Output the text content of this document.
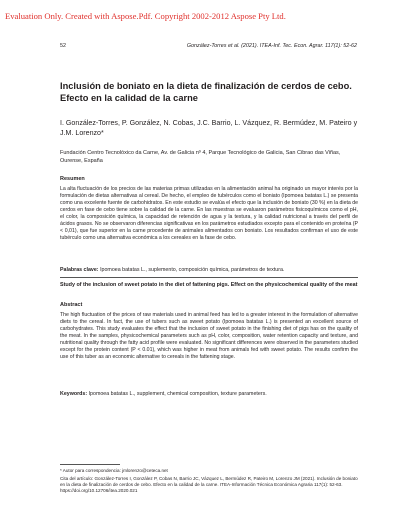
Evaluation Only. Created with Aspose.Pdf. Copyright 2002-2012 Aspose Pty Ltd.
52	González-Torres et al. (2021). ITEA-Inf. Tec. Econ. Agrar. 117(1): 52-62
Inclusión de boniato en la dieta de finalización de cerdos de cebo. Efecto en la calidad de la carne

I. González-Torres, P. González, N. Cobas, J.C. Barrio, L. Vázquez, R. Bermúdez, M. Pateiro y J.M. Lorenzo*

Fundación Centro Tecnolóxico da Carne, Av. de Galicia nº 4, Parque Tecnológico de Galicia, San Cibrao das Viñas, Ourense, España

Resumen

La alta fluctuación de los precios de las materias primas utilizadas en la alimentación animal ha originado un mayor interés por la formulación de dietas alternativas al cereal. De hecho, el empleo de tubérculos como el boniato (Ipomoea batatas L.) se presenta como una excelente fuente de carbohidratos. En este estudio se evalúa el efecto que la inclusión de boniato (30 %) en la dieta de cerdos en fase de cebo tiene sobre la calidad de la carne. En las muestras se evaluaron parámetros fisicoquímicos como el pH, el color, la composición química, la capacidad de retención de agua y la textura, y la calidad nutricional a través del perfil de ácidos grasos. No se observaron diferencias significativas en los parámetros estudiados excepto para el contenido en proteína (P < 0,01), que fue superior en la carne procedente de animales alimentados con boniato. Los resultados confirman el uso de este tubérculo como una alternativa económica a los cereales en la fase de cebo.

Palabras clave: Ipomoea batatas L., suplemento, composición química, parámetros de textura.

Study of the inclusion of sweet potato in the diet of fattening pigs. Effect on the physicochemical quality of the meat
Abstract

The high fluctuation of the prices of raw materials used in animal feed has led to a greater interest in the formulation of alternative diets to the cereal. In fact, the use of tubers such as sweet potato (Ipomoea batatas L.) is presented an excellent source of carbohydrates. This study evaluates the effect that the inclusion of sweet potato in the finishing diet of pigs has on the quality of the meat. In the samples, physicochemical parameters such as pH, color, composition, water retention capacity and texture, and nutritional quality through the fatty acid profile were evaluated. No significant differences were observed in the parameters studied except for the protein content (P < 0.01), which was higher in meat from animals fed with sweet potato. The results confirm the use of this tuber as an economic alternative to cereals in the fattening stage.

Keywords: Ipomoea batatas L., supplement, chemical composition, texture parameters.

* Autor para correspondencia: jmlorenzo@ceteca.net

Cita del artículo: González-Torres I, González P, Cobas N, Barrio JC, Vázquez L, Bermúdez R, Pateiro M, Lorenzo JM (2021). Inclusión de boniato en la dieta de finalización de cerdos de cebo. Efecto en la calidad de la carne. ITEA-Información Técnica Económica Agraria 117(1): 52-63. https://doi.org/10.12706/itea.2020.021
